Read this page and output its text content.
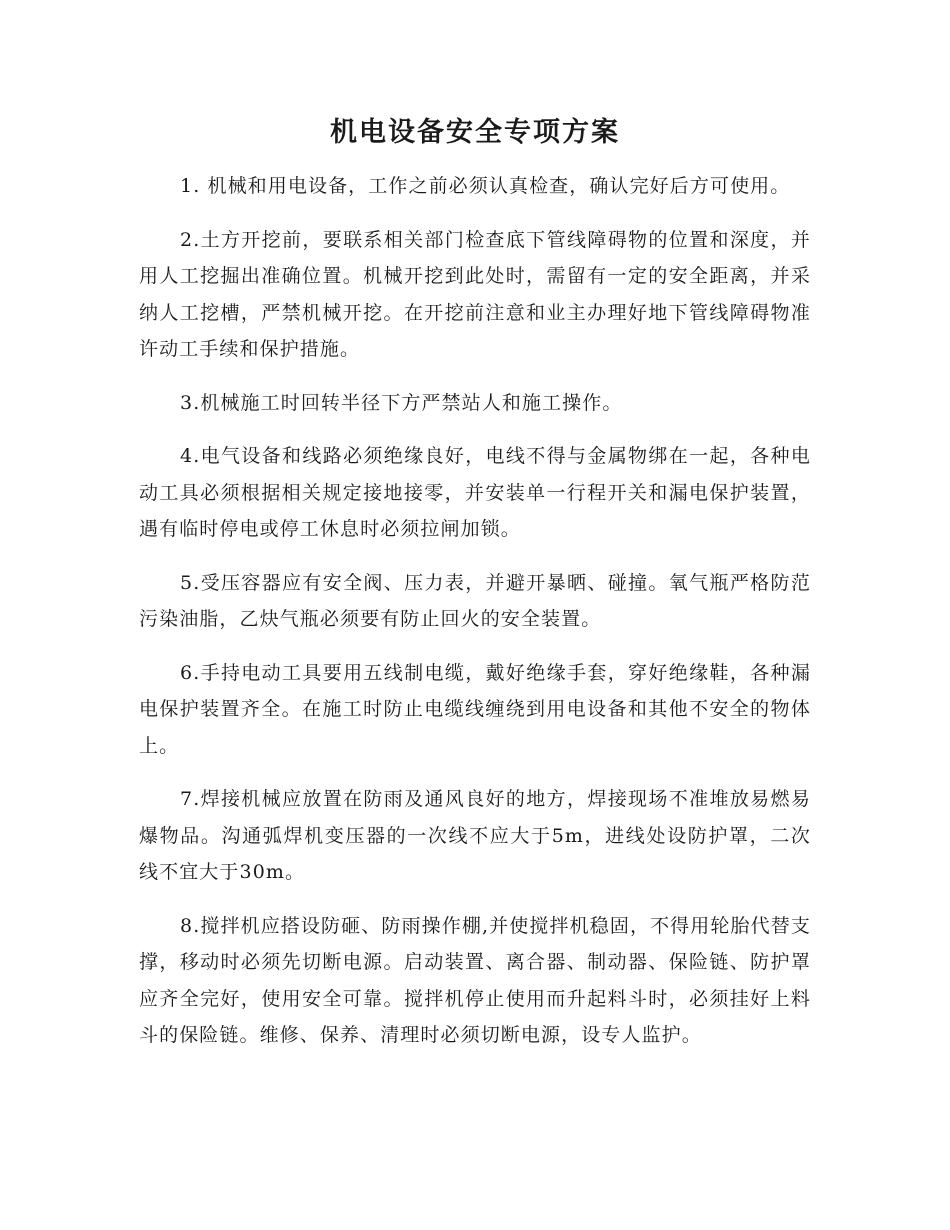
机电设备安全专项方案

1. 机械和用电设备，工作之前必须认真检查，确认完好后方可使用。

2.土方开挖前，要联系相关部门检查底下管线障碍物的位置和深度，并用人工挖掘出准确位置。机械开挖到此处时，需留有一定的安全距离，并采纳人工挖槽，严禁机械开挖。在开挖前注意和业主办理好地下管线障碍物准许动工手续和保护措施。

3.机械施工时回转半径下方严禁站人和施工操作。

4.电气设备和线路必须绝缘良好，电线不得与金属物绑在一起，各种电动工具必须根据相关规定接地接零，并安装单一行程开关和漏电保护装置，遇有临时停电或停工休息时必须拉闸加锁。

5.受压容器应有安全阀、压力表，并避开暴晒、碰撞。氧气瓶严格防范污染油脂，乙炔气瓶必须要有防止回火的安全装置。

6.手持电动工具要用五线制电缆，戴好绝缘手套，穿好绝缘鞋，各种漏电保护装置齐全。在施工时防止电缆线缠绕到用电设备和其他不安全的物体上。

7.焊接机械应放置在防雨及通风良好的地方，焊接现场不准堆放易燃易爆物品。沟通弧焊机变压器的一次线不应大于5m，进线处设防护罩，二次线不宜大于30m。

8.搅拌机应搭设防砸、防雨操作棚,并使搅拌机稳固，不得用轮胎代替支撑，移动时必须先切断电源。启动装置、离合器、制动器、保险链、防护罩应齐全完好，使用安全可靠。搅拌机停止使用而升起料斗时，必须挂好上料斗的保险链。维修、保养、清理时必须切断电源，设专人监护。
